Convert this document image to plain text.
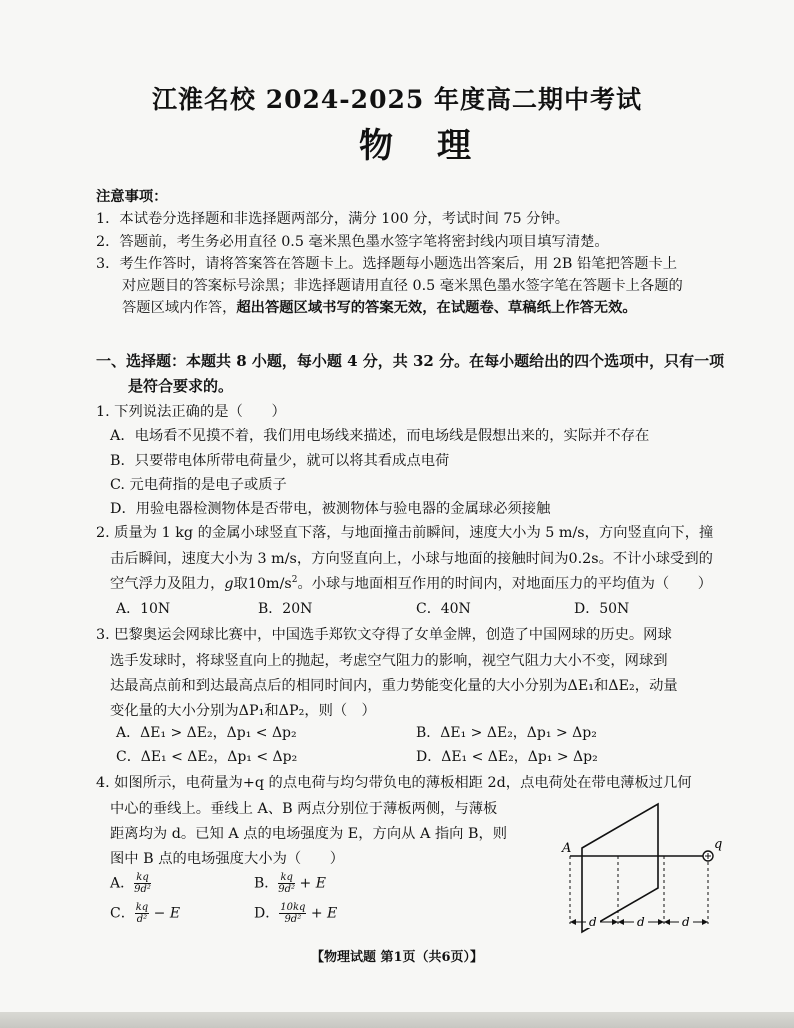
江淮名校 2024-2025 年度高二期中考试
物理
注意事项：
1．本试卷分选择题和非选择题两部分，满分 100 分，考试时间 75 分钟。
2．答题前，考生务必用直径 0.5 毫米黑色墨水签字笔将密封线内项目填写清楚。
3．考生作答时，请将答案答在答题卡上。选择题每小题选出答案后，用 2B 铅笔把答题卡上
对应题目的答案标号涂黑；非选择题请用直径 0.5 毫米黑色墨水签字笔在答题卡上各题的
答题区域内作答，超出答题区域书写的答案无效，在试题卷、草稿纸上作答无效。
一、选择题：本题共 8 小题，每小题 4 分，共 32 分。在每小题给出的四个选项中，只有一项
是符合要求的。
1. 下列说法正确的是（　　）
A．电场看不见摸不着，我们用电场线来描述，而电场线是假想出来的，实际并不存在
B．只要带电体所带电荷量少，就可以将其看成点电荷
C. 元电荷指的是电子或质子
D．用验电器检测物体是否带电，被测物体与验电器的金属球必须接触
2. 质量为 1 kg 的金属小球竖直下落，与地面撞击前瞬间，速度大小为 5 m/s，方向竖直向下，撞
击后瞬间，速度大小为 3 m/s，方向竖直向上，小球与地面的接触时间为0.2s。不计小球受到的
空气浮力及阻力，g取$10m/s^2$。小球与地面相互作用的时间内，对地面压力的平均值为（　　）
A．10N	B．20N	C．40N	D．50N
3. 巴黎奥运会网球比赛中，中国选手郑钦文夺得了女单金牌，创造了中国网球的历史。网球
选手发球时，将球竖直向上的抛起，考虑空气阻力的影响，视空气阻力大小不变，网球到
达最高点前和到达最高点后的相同时间内，重力势能变化量的大小分别为ΔE₁和ΔE₂，动量
变化量的大小分别为ΔP₁和ΔP₂，则（　）
A．ΔE₁ > ΔE₂，Δp₁ < Δp₂	B．ΔE₁ > ΔE₂，Δp₁ > Δp₂
C．ΔE₁ < ΔE₂，Δp₁ < Δp₂	D．ΔE₁ < ΔE₂，Δp₁ > Δp₂
4. 如图所示，电荷量为+q 的点电荷与均匀带负电的薄板相距 2d，点电荷处在带电薄板过几何
中心的垂线上。垂线上 A、B 两点分别位于薄板两侧，与薄板
距离均为 d。已知 A 点的电场强度为 E，方向从 A 指向 B，则
图中 B 点的电场强度大小为（　　）
A． $\frac{kq}{\text{9d²}}$	B． $\frac{kq}{\text{9d²}} + E$
C． $\frac{kq}{\text{d²}} - E$	D． $\frac{10kq}{\text{9d²}} + E$
q
A
d	d	d
【物理试题 第1页（共6页）】
